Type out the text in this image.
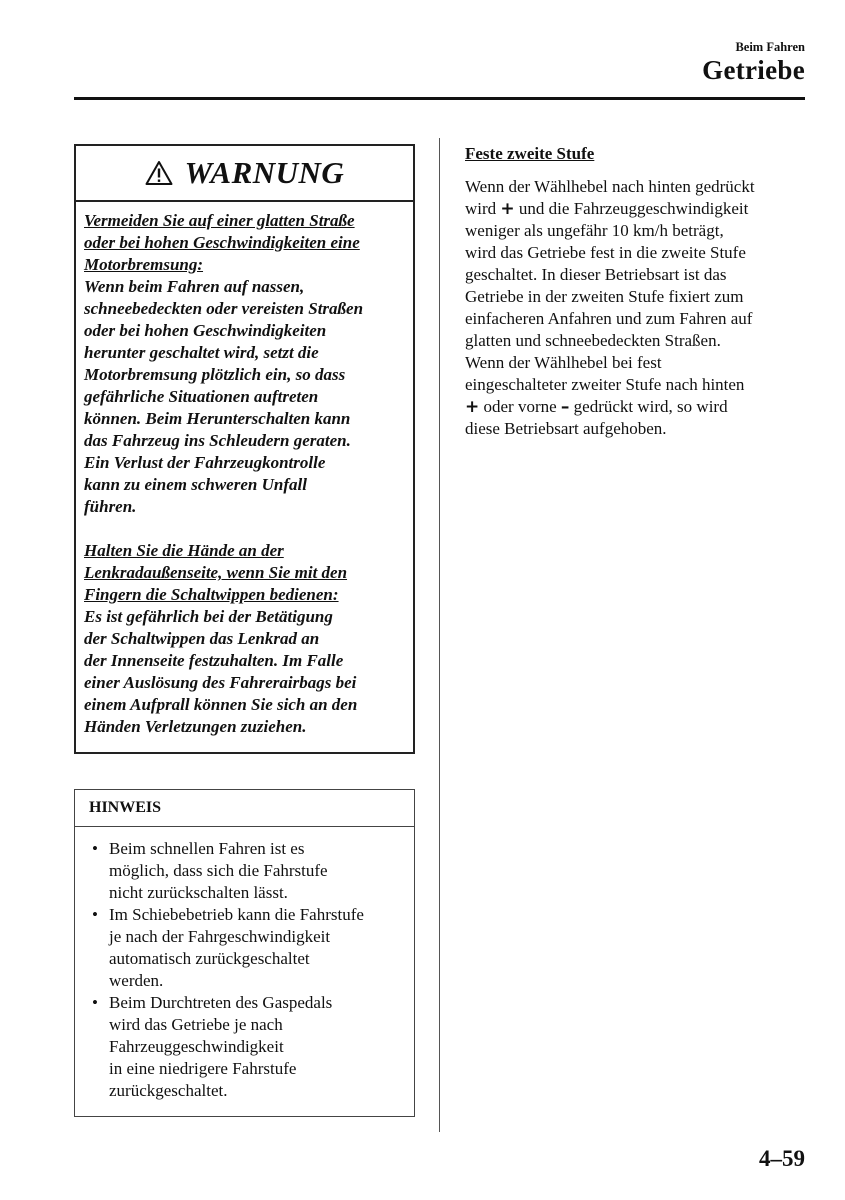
Beim Fahren
Getriebe
WARNUNG
Vermeiden Sie auf einer glatten Straße
oder bei hohen Geschwindigkeiten eine
Motorbremsung:
Wenn beim Fahren auf nassen,
schneebedeckten oder vereisten Straßen
oder bei hohen Geschwindigkeiten
herunter geschaltet wird, setzt die
Motorbremsung plötzlich ein, so dass
gefährliche Situationen auftreten
können. Beim Herunterschalten kann
das Fahrzeug ins Schleudern geraten.
Ein Verlust der Fahrzeugkontrolle
kann zu einem schweren Unfall
führen.
Halten Sie die Hände an der
Lenkradaußenseite, wenn Sie mit den
Fingern die Schaltwippen bedienen:
Es ist gefährlich bei der Betätigung
der Schaltwippen das Lenkrad an
der Innenseite festzuhalten. Im Falle
einer Auslösung des Fahrerairbags bei
einem Aufprall können Sie sich an den
Händen Verletzungen zuziehen.
HINWEIS
• Beim schnellen Fahren ist es
möglich, dass sich die Fahrstufe
nicht zurückschalten lässt.
• Im Schiebebetrieb kann die Fahrstufe
je nach der Fahrgeschwindigkeit
automatisch zurückgeschaltet
werden.
• Beim Durchtreten des Gaspedals
wird das Getriebe je nach
Fahrzeuggeschwindigkeit
in eine niedrigere Fahrstufe
zurückgeschaltet.
Feste zweite Stufe
Wenn der Wählhebel nach hinten gedrückt
wird + und die Fahrzeuggeschwindigkeit
weniger als ungefähr 10 km/h beträgt,
wird das Getriebe fest in die zweite Stufe
geschaltet. In dieser Betriebsart ist das
Getriebe in der zweiten Stufe fixiert zum
einfacheren Anfahren und zum Fahren auf
glatten und schneebedeckten Straßen.
Wenn der Wählhebel bei fest
eingeschalteter zweiter Stufe nach hinten
+ oder vorne – gedrückt wird, so wird
diese Betriebsart aufgehoben.
4–59
